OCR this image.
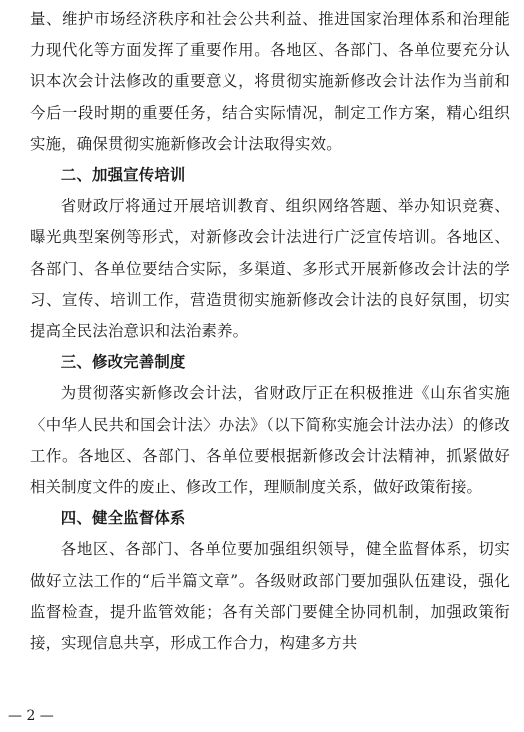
量、维护市场经济秩序和社会公共利益、推进国家治理体系和治理能力现代化等方面发挥了重要作用。各地区、各部门、各单位要充分认识本次会计法修改的重要意义，将贯彻实施新修改会计法作为当前和今后一段时期的重要任务，结合实际情况，制定工作方案，精心组织实施，确保贯彻实施新修改会计法取得实效。

二、加强宣传培训

省财政厅将通过开展培训教育、组织网络答题、举办知识竞赛、曝光典型案例等形式，对新修改会计法进行广泛宣传培训。各地区、各部门、各单位要结合实际，多渠道、多形式开展新修改会计法的学习、宣传、培训工作，营造贯彻实施新修改会计法的良好氛围，切实提高全民法治意识和法治素养。

三、修改完善制度

为贯彻落实新修改会计法，省财政厅正在积极推进《山东省实施〈中华人民共和国会计法〉办法》（以下简称实施会计法办法）的修改工作。各地区、各部门、各单位要根据新修改会计法精神，抓紧做好相关制度文件的废止、修改工作，理顺制度关系，做好政策衔接。

四、健全监督体系

各地区、各部门、各单位要加强组织领导，健全监督体系，切实做好立法工作的“后半篇文章”。各级财政部门要加强队伍建设，强化监督检查，提升监管效能；各有关部门要健全协同机制，加强政策衔接，实现信息共享，形成工作合力，构建多方共

— 2 —
